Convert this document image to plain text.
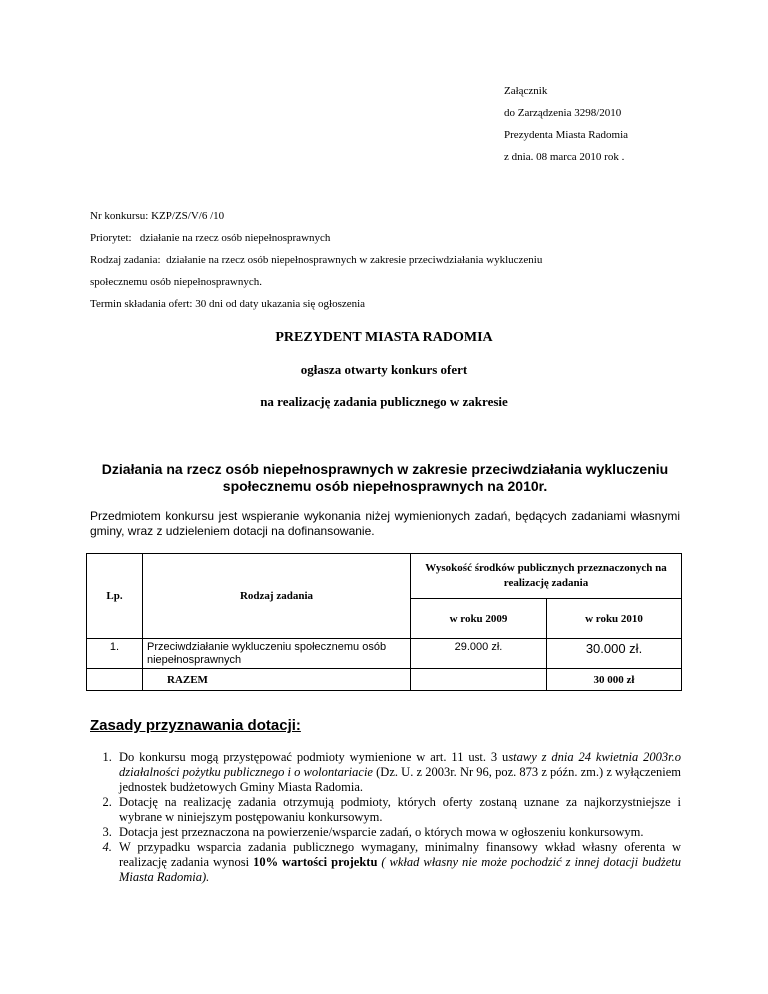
Załącznik
do Zarządzenia 3298/2010
Prezydenta Miasta Radomia
z dnia. 08 marca 2010 rok .
Nr konkursu: KZP/ZS/V/6 /10
Priorytet: działanie na rzecz osób niepełnosprawnych
Rodzaj zadania: działanie na rzecz osób niepełnosprawnych w zakresie przeciwdziałania wykluczeniu
społecznemu osób niepełnosprawnych.
Termin składania ofert: 30 dni od daty ukazania się ogłoszenia
PREZYDENT MIASTA RADOMIA
ogłasza otwarty konkurs ofert
na realizację zadania publicznego w zakresie
Działania na rzecz osób niepełnosprawnych w zakresie przeciwdziałania wykluczeniu społecznemu osób niepełnosprawnych na 2010r.
Przedmiotem konkursu jest wspieranie wykonania niżej wymienionych zadań, będących zadaniami własnymi gminy, wraz z udzieleniem dotacji na dofinansowanie.
Lp.	Rodzaj zadania	Wysokość środków publicznych przeznaczonych na realizację zadania	
		w roku 2009	w roku 2010
1.	Przeciwdziałanie wykluczeniu społecznemu osób niepełnosprawnych	29.000 zł.	30.000 zł.
	RAZEM		30 000 zł
Zasady przyznawania dotacji:
1. Do konkursu mogą przystępować podmioty wymienione w art. 11 ust. 3 ustawy z dnia 24 kwietnia 2003r.o działalności pożytku publicznego i o wolontariacie (Dz. U. z 2003r. Nr 96, poz. 873 z późn. zm.) z wyłączeniem jednostek budżetowych Gminy Miasta Radomia.
2. Dotację na realizację zadania otrzymują podmioty, których oferty zostaną uznane za najkorzystniejsze i wybrane w niniejszym postępowaniu konkursowym.
3. Dotacja jest przeznaczona na powierzenie/wsparcie zadań, o których mowa w ogłoszeniu konkursowym.
4. W przypadku wsparcia zadania publicznego wymagany, minimalny finansowy wkład własny oferenta w realizację zadania wynosi 10% wartości projektu ( wkład własny nie może pochodzić z innej dotacji budżetu Miasta Radomia).
